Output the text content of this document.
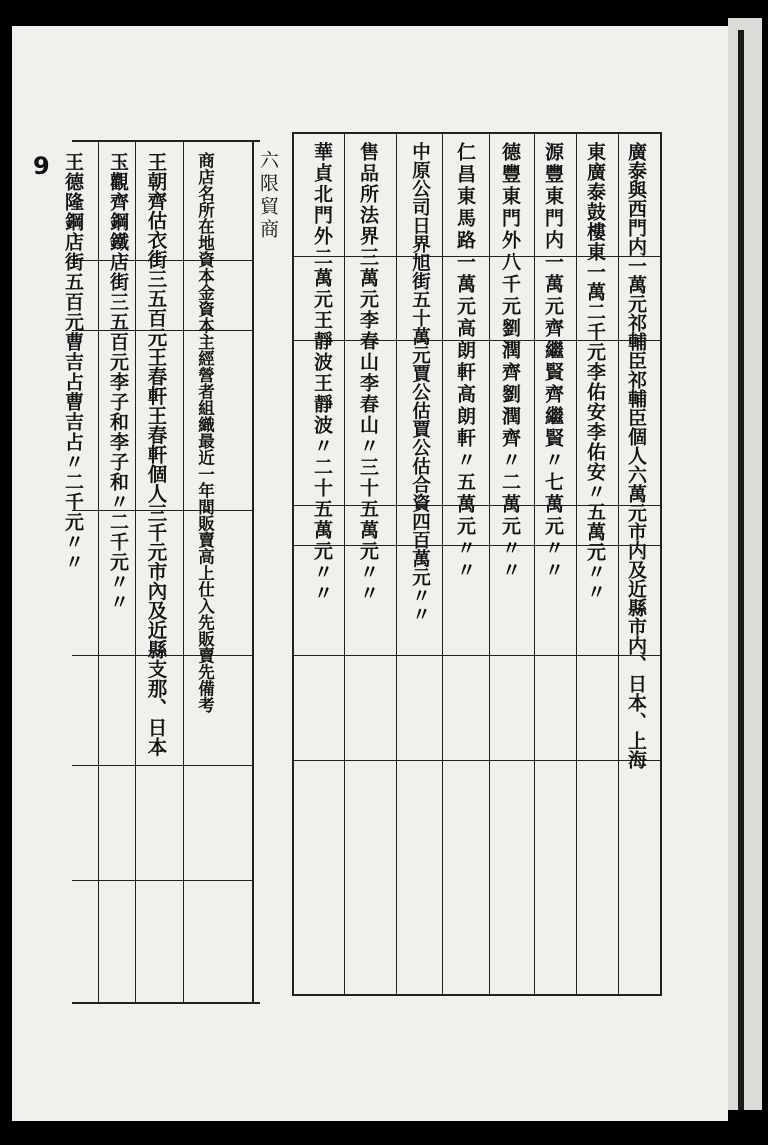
9	六限貿商
商店名所在地資本金資本主經營者組織最近一年間販賣高上仕入先販賣先備考
王朝齊估衣街三五百元王春軒王春軒個人三千元市內及近縣支那、日本
玉觀齊鋼鐵店街三五百元李子和李子和〃二千元〃〃
王德隆鋼店街五百元曹吉占曹吉占〃二千元〃〃	廣泰與西門内一萬元祁輔臣祁輔臣個人六萬元市内及近縣市内、日本、上海
東廣泰鼓樓東一萬二千元李佑安李佑安〃五萬元〃〃
源豐東門内一萬元齊繼賢齊繼賢〃七萬元〃〃
德豐東門外八千元劉潤齊劉潤齊〃二萬元〃〃
仁昌東馬路一萬元高朗軒高朗軒〃五萬元〃〃
中原公司日界旭街五十萬元賈公估賈公估合資四百萬元〃〃
售品所法界三萬元李春山李春山〃三十五萬元〃〃
華貞北門外二萬元王靜波王靜波〃二十五萬元〃〃
